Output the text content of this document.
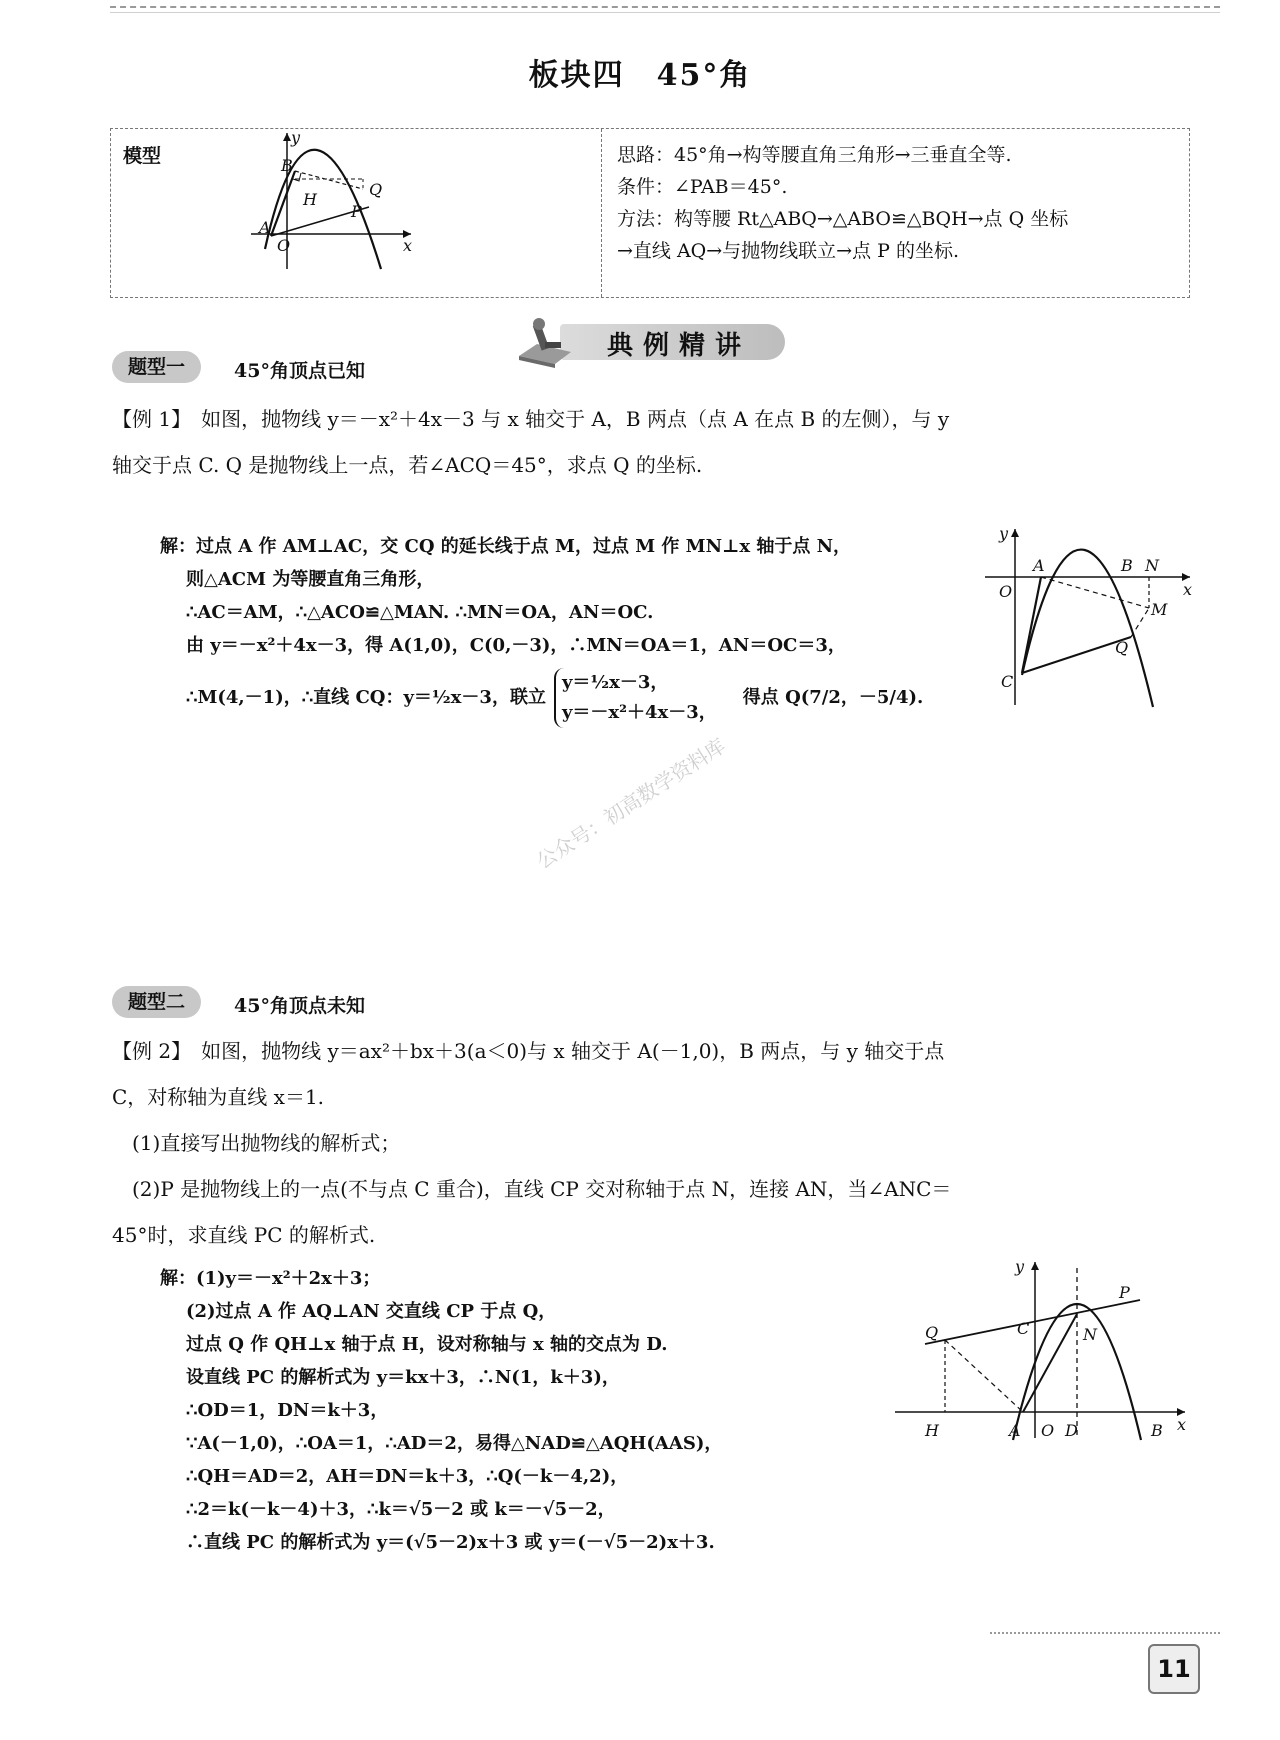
板块四　45°角
模型
y
x
B
Q
H
P
A
O

思路：45°角→构等腰直角三角形→三垂直全等.

条件：∠PAB＝45°.

方法：构等腰 Rt△ABQ→△ABO≌△BQH→点 Q 坐标

→直线 AQ→与抛物线联立→点 P 的坐标.

典例精讲
题型一	45°角顶点已知

【例 1】　如图，抛物线 y＝－x²＋4x－3 与 x 轴交于 A，B 两点（点 A 在点 B 的左侧），与 y

轴交于点 C. Q 是抛物线上一点，若∠ACQ＝45°，求点 Q 的坐标.

解：过点 A 作 AM⊥AC，交 CQ 的延长线于点 M，过点 M 作 MN⊥x 轴于点 N，

则△ACM 为等腰直角三角形，

∴AC＝AM，∴△ACO≌△MAN. ∴MN＝OA，AN＝OC.

由 y＝－x²＋4x－3，得 A(1,0)，C(0,－3)，∴MN＝OA＝1，AN＝OC＝3，

∴M(4,－1)，∴直线 CQ：y＝½x－3，联立y＝½x－3，
y＝－x²＋4x－3，　得点 Q(7/2，－5/4).

y
x
O
A	B N
M
Q
C
公众号：初高数学资料库
题型二	45°角顶点未知

【例 2】　如图，抛物线 y＝ax²＋bx＋3(a＜0)与 x 轴交于 A(－1,0)，B 两点，与 y 轴交于点

C，对称轴为直线 x＝1.

　(1)直接写出抛物线的解析式；

　(2)P 是抛物线上的一点(不与点 C 重合)，直线 CP 交对称轴于点 N，连接 AN，当∠ANC＝

45°时，求直线 PC 的解析式.

解：(1)y＝－x²＋2x＋3；

(2)过点 A 作 AQ⊥AN 交直线 CP 于点 Q，

过点 Q 作 QH⊥x 轴于点 H，设对称轴与 x 轴的交点为 D.

设直线 PC 的解析式为 y＝kx＋3，∴N(1，k＋3)，

∴OD＝1，DN＝k＋3，

∵A(－1,0)，∴OA＝1，∴AD＝2，易得△NAD≌△AQH(AAS)，

∴QH＝AD＝2，AH＝DN＝k＋3，∴Q(－k－4,2)，

∴2＝k(－k－4)＋3，∴k＝√5－2 或 k＝－√5－2，

∴直线 PC 的解析式为 y＝(√5－2)x＋3 或 y＝(－√5－2)x＋3.

y
x
P
C	N
Q
H	A O D	B
11
